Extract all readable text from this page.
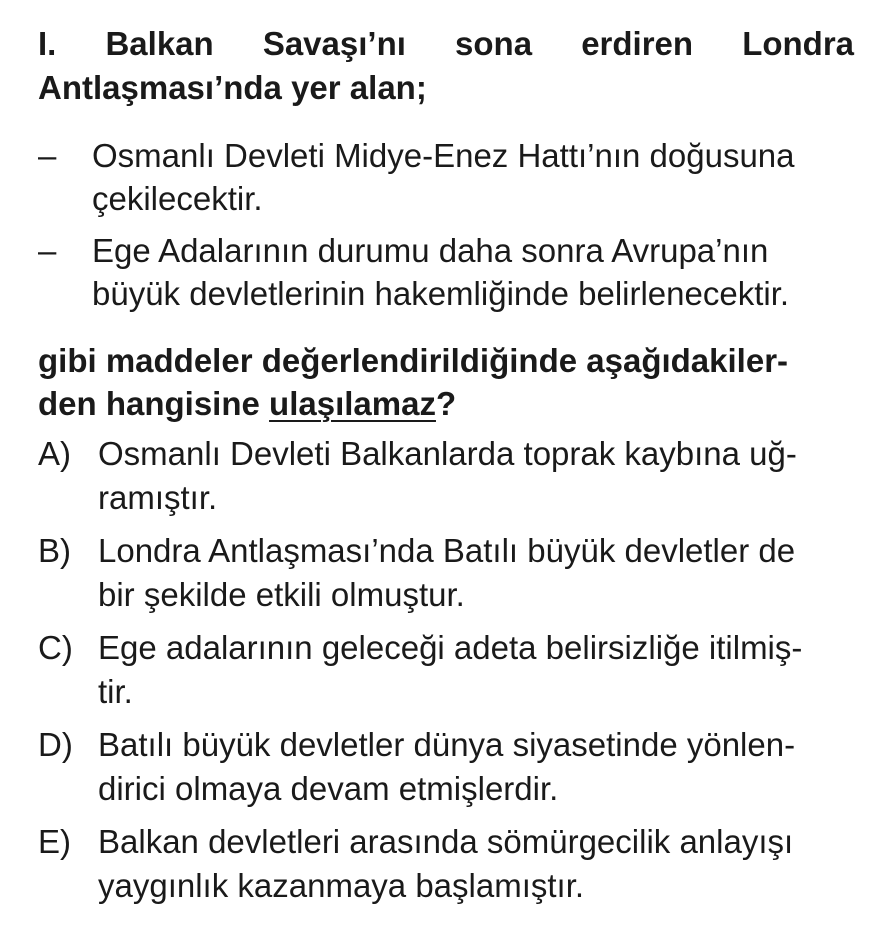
I. Balkan Savaşı’nı sona erdiren Londra
Antlaşması’nda yer alan;
– Osmanlı Devleti Midye-Enez Hattı’nın doğusuna
çekilecektir.
– Ege Adalarının durumu daha sonra Avrupa’nın
büyük devletlerinin hakemliğinde belirlenecektir.
gibi maddeler değerlendirildiğinde aşağıdakiler-
den hangisine ulaşılamaz?
A) Osmanlı Devleti Balkanlarda toprak kaybına uğ-
ramıştır.
B) Londra Antlaşması’nda Batılı büyük devletler de
bir şekilde etkili olmuştur.
C) Ege adalarının geleceği adeta belirsizliğe itilmiş-
tir.
D) Batılı büyük devletler dünya siyasetinde yönlen-
dirici olmaya devam etmişlerdir.
E) Balkan devletleri arasında sömürgecilik anlayışı
yaygınlık kazanmaya başlamıştır.
